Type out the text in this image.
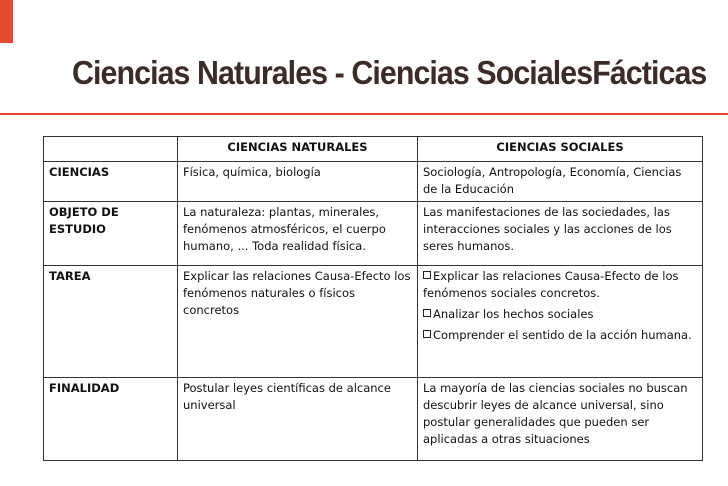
Ciencias Naturales - Ciencias SocialesFácticas
	CIENCIAS NATURALES	CIENCIAS SOCIALES
CIENCIAS	Física, química, biología	Sociología, Antropología, Economía, Ciencias de la Educación
OBJETO DE ESTUDIO	La naturaleza: plantas, minerales, fenómenos atmosféricos, el cuerpo humano, ... Toda realidad física.	Las manifestaciones de las sociedades, las interacciones sociales y las acciones de los seres humanos.
TAREA	Explicar las relaciones Causa-Efecto los fenómenos naturales o físicos concretos	Explicar las relaciones Causa-Efecto de los fenómenos sociales concretos.
Analizar los hechos sociales
Comprender el sentido de la acción humana.

FINALIDAD	Postular leyes científicas de alcance universal	La mayoría de las ciencias sociales no buscan descubrir leyes de alcance universal, sino postular generalidades que pueden ser aplicadas a otras situaciones
